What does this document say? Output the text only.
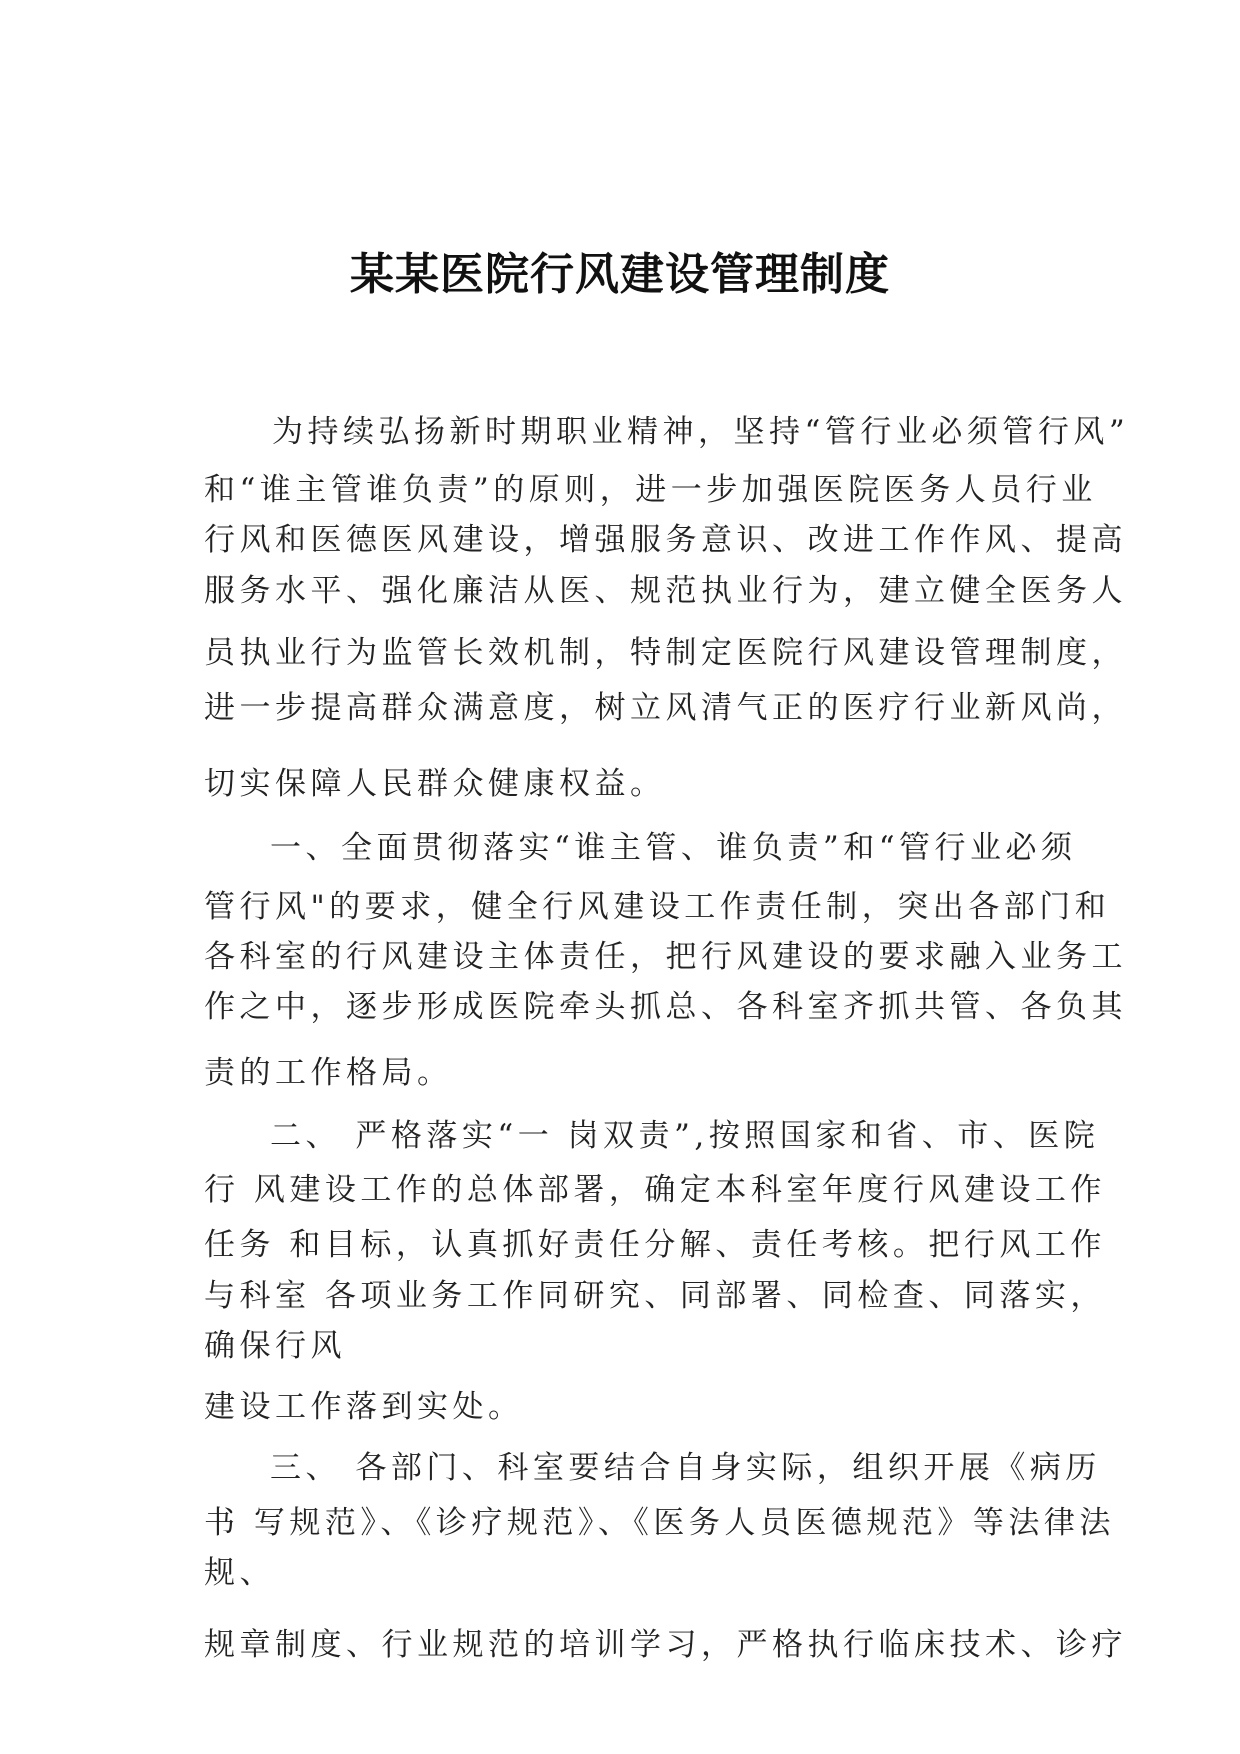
某某医院行风建设管理制度
为持续弘扬新时期职业精神，坚持“管行业必须管行风”
和“谁主管谁负责”的原则，进一步加强医院医务人员行业
行风和医德医风建设，增强服务意识、改进工作作风、提高
服务水平、强化廉洁从医、规范执业行为，建立健全医务人
员执业行为监管长效机制，特制定医院行风建设管理制度，
进一步提高群众满意度，树立风清气正的医疗行业新风尚，
切实保障人民群众健康权益。
一、全面贯彻落实“谁主管、谁负责”和“管行业必须
管行风"的要求，健全行风建设工作责任制，突出各部门和
各科室的行风建设主体责任，把行风建设的要求融入业务工
作之中，逐步形成医院牵头抓总、各科室齐抓共管、各负其
责的工作格局。
二、 严格落实“一 岗双责”,按照国家和省、市、医院
行 风建设工作的总体部署，确定本科室年度行风建设工作
任务 和目标，认真抓好责任分解、责任考核。把行风工作
与科室 各项业务工作同研究、同部署、同检查、同落实，
确保行风
建设工作落到实处。
三、 各部门、科室要结合自身实际，组织开展《病历
书 写规范》、《诊疗规范》、《医务人员医德规范》等法律法
规、
规章制度、行业规范的培训学习，严格执行临床技术、诊疗
